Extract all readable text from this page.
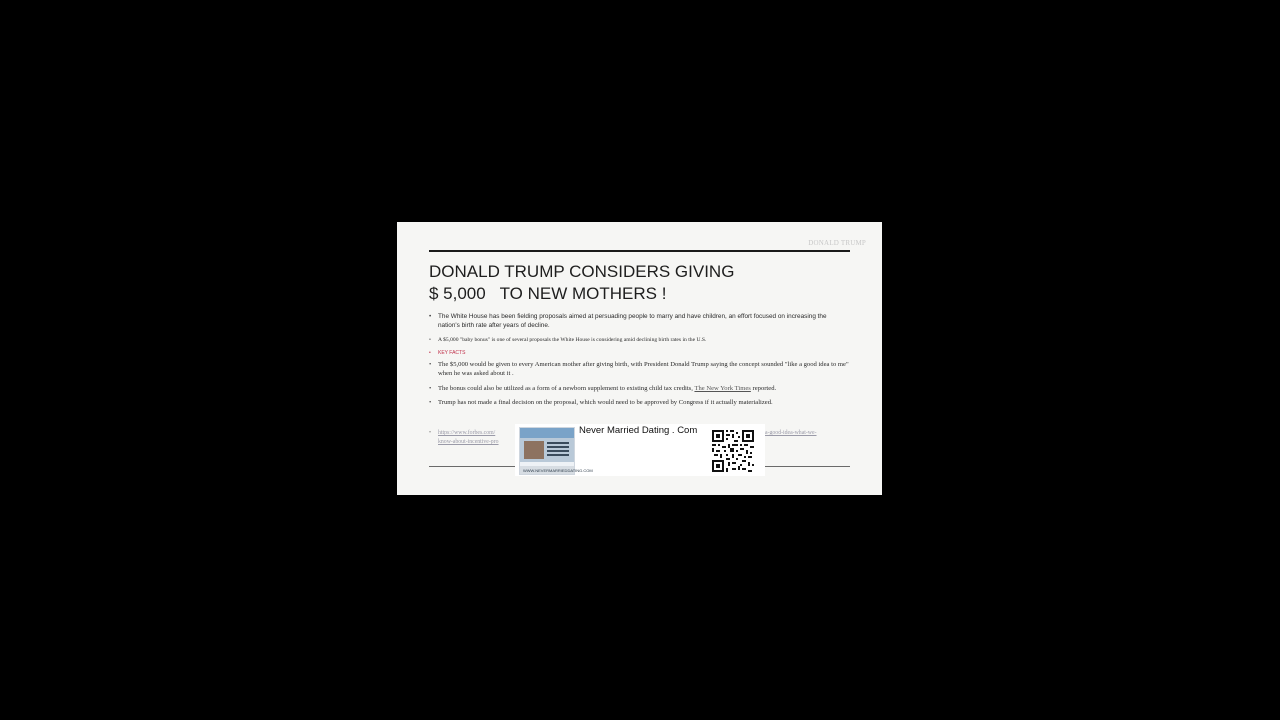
DONALD TRUMP
DONALD TRUMP CONSIDERS GIVING
$ 5,000   TO NEW MOTHERS !
• The White House has been fielding proposals aimed at persuading people to marry and have children, an effort focused on increasing the nation's birth rate after years of decline.
• A $5,000 "baby bonus" is one of several proposals the White House is considering amid declining birth rates in the U.S.
• KEY FACTS
• The $5,000 would be given to every American mother after giving birth, with President Donald Trump saying the concept sounded "like a good idea to me" when he was asked about it .
• The bonus could also be utilized as a form of a newborn supplement to existing child tax credits, The New York Times reported.
• Trump has not made a final decision on the proposal, which would need to be approved by Congress if it actually materialized.
• https://www.forbes.com/
know-about-incentive-pro
a-good-idea-what-we-
WWW.NEVERMARRIEDDATING.COM
Never Married Dating . Com
